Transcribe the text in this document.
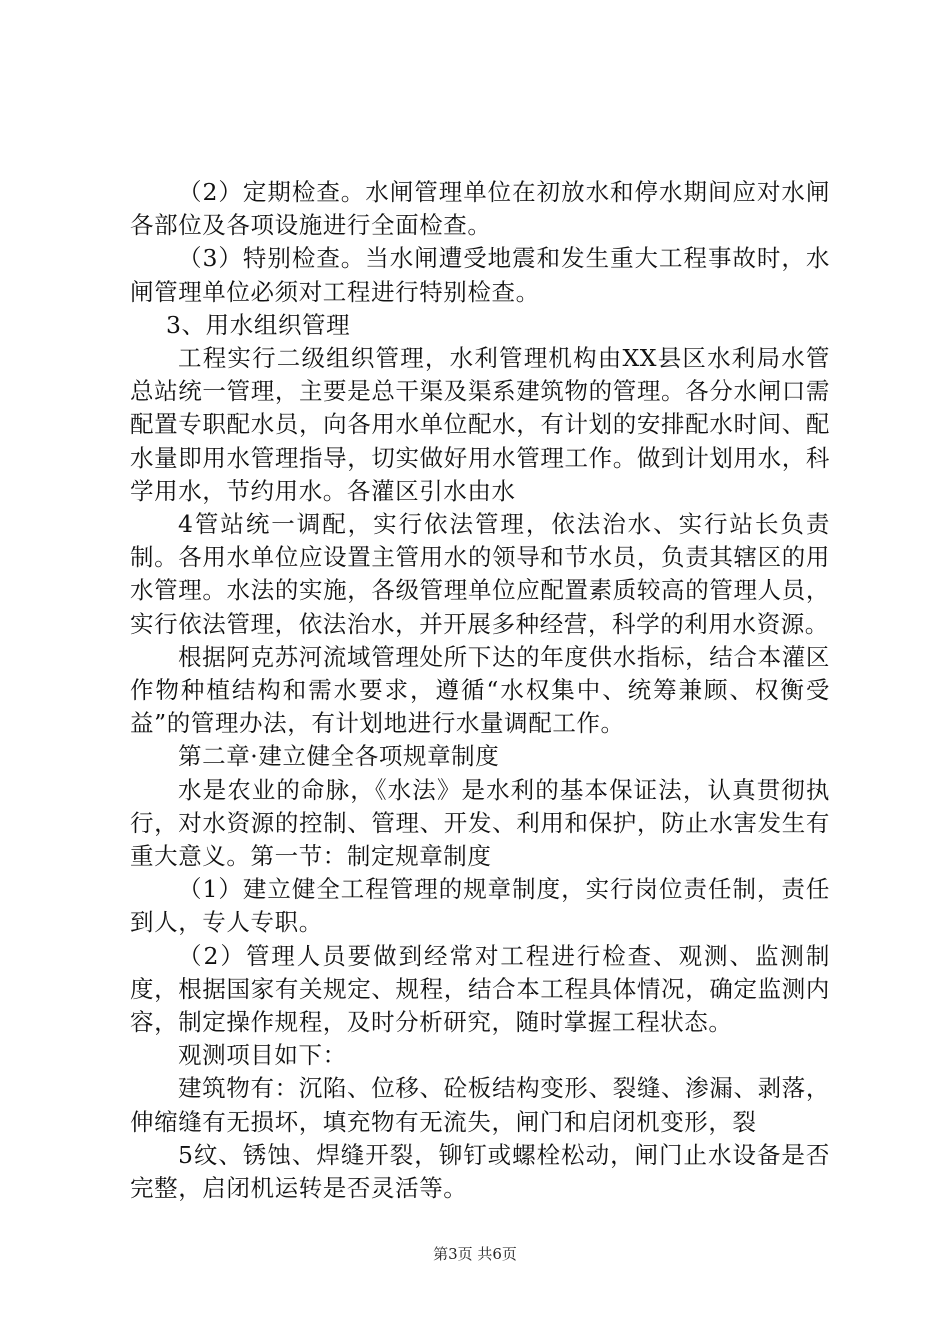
（2）定期检查。水闸管理单位在初放水和停水期间应对水闸各部位及各项设施进行全面检查。

（3）特别检查。当水闸遭受地震和发生重大工程事故时，水闸管理单位必须对工程进行特别检查。

3、用水组织管理

工程实行二级组织管理，水利管理机构由XX县区水利局水管总站统一管理，主要是总干渠及渠系建筑物的管理。各分水闸口需配置专职配水员，向各用水单位配水，有计划的安排配水时间、配水量即用水管理指导，切实做好用水管理工作。做到计划用水，科学用水，节约用水。各灌区引水由水

4管站统一调配，实行依法管理，依法治水、实行站长负责制。各用水单位应设置主管用水的领导和节水员，负责其辖区的用水管理。水法的实施，各级管理单位应配置素质较高的管理人员，实行依法管理，依法治水，并开展多种经营，科学的利用水资源。

根据阿克苏河流域管理处所下达的年度供水指标，结合本灌区作物种植结构和需水要求，遵循“水权集中、统筹兼顾、权衡受益”的管理办法，有计划地进行水量调配工作。

第二章·建立健全各项规章制度

水是农业的命脉，《水法》是水利的基本保证法，认真贯彻执行，对水资源的控制、管理、开发、利用和保护，防止水害发生有重大意义。第一节：制定规章制度

（1）建立健全工程管理的规章制度，实行岗位责任制，责任到人，专人专职。

（2）管理人员要做到经常对工程进行检查、观测、监测制度，根据国家有关规定、规程，结合本工程具体情况，确定监测内容，制定操作规程，及时分析研究，随时掌握工程状态。

观测项目如下：

建筑物有：沉陷、位移、砼板结构变形、裂缝、渗漏、剥落，伸缩缝有无损坏，填充物有无流失，闸门和启闭机变形，裂

5纹、锈蚀、焊缝开裂，铆钉或螺栓松动，闸门止水设备是否完整，启闭机运转是否灵活等。

第3页 共6页
